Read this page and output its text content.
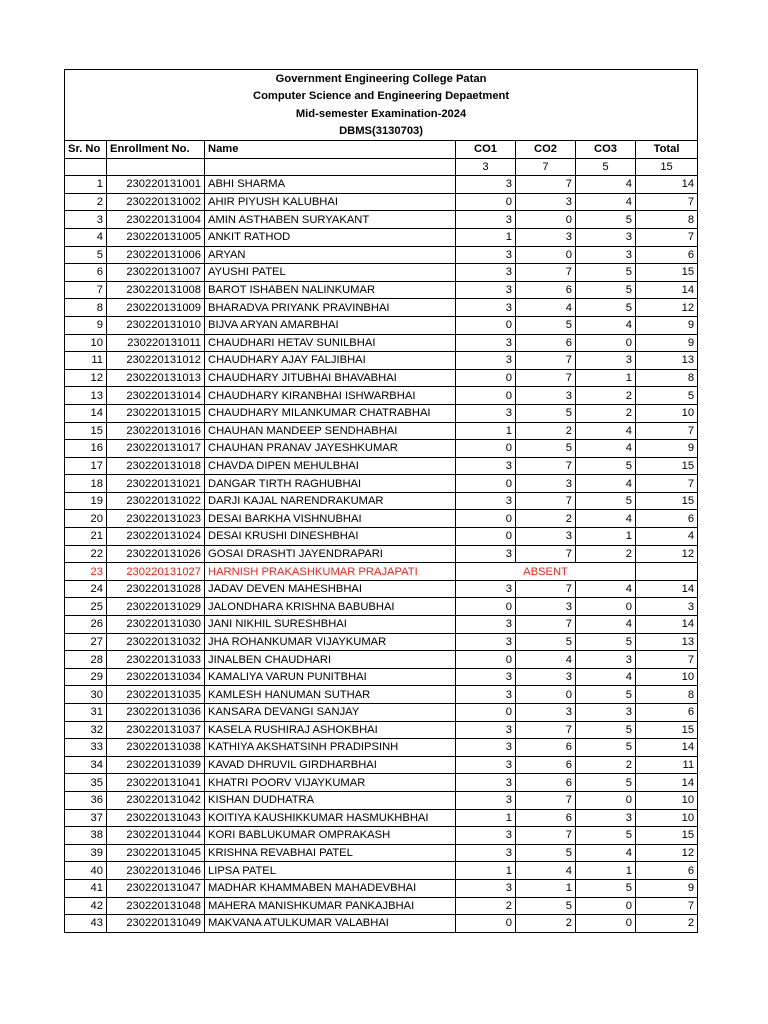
Government Engineering College Patan						
Computer Science and Engineering Depaetment						
Mid-semester Examination-2024						
DBMS(3130703)						
Sr. No	Enrollment No.	Name	CO1	CO2	CO3	Total
			3	7	5	15
1	230220131001	ABHI SHARMA	3	7	4	14
2	230220131002	AHIR PIYUSH KALUBHAI	0	3	4	7
3	230220131004	AMIN ASTHABEN SURYAKANT	3	0	5	8
4	230220131005	ANKIT RATHOD	1	3	3	7
5	230220131006	ARYAN	3	0	3	6
6	230220131007	AYUSHI PATEL	3	7	5	15
7	230220131008	BAROT ISHABEN NALINKUMAR	3	6	5	14
8	230220131009	BHARADVA PRIYANK PRAVINBHAI	3	4	5	12
9	230220131010	BIJVA ARYAN AMARBHAI	0	5	4	9
10	230220131011	CHAUDHARI HETAV SUNILBHAI	3	6	0	9
11	230220131012	CHAUDHARY AJAY FALJIBHAI	3	7	3	13
12	230220131013	CHAUDHARY JITUBHAI BHAVABHAI	0	7	1	8
13	230220131014	CHAUDHARY KIRANBHAI ISHWARBHAI	0	3	2	5
14	230220131015	CHAUDHARY MILANKUMAR CHATRABHAI	3	5	2	10
15	230220131016	CHAUHAN MANDEEP SENDHABHAI	1	2	4	7
16	230220131017	CHAUHAN PRANAV JAYESHKUMAR	0	5	4	9
17	230220131018	CHAVDA DIPEN MEHULBHAI	3	7	5	15
18	230220131021	DANGAR TIRTH RAGHUBHAI	0	3	4	7
19	230220131022	DARJI KAJAL NARENDRAKUMAR	3	7	5	15
20	230220131023	DESAI BARKHA VISHNUBHAI	0	2	4	6
21	230220131024	DESAI KRUSHI DINESHBHAI	0	3	1	4
22	230220131026	GOSAI DRASHTI JAYENDRAPARI	3	7	2	12
23	230220131027	HARNISH PRAKASHKUMAR PRAJAPATI	ABSENT			
24	230220131028	JADAV DEVEN MAHESHBHAI	3	7	4	14
25	230220131029	JALONDHARA KRISHNA BABUBHAI	0	3	0	3
26	230220131030	JANI NIKHIL SURESHBHAI	3	7	4	14
27	230220131032	JHA ROHANKUMAR VIJAYKUMAR	3	5	5	13
28	230220131033	JINALBEN CHAUDHARI	0	4	3	7
29	230220131034	KAMALIYA VARUN PUNITBHAI	3	3	4	10
30	230220131035	KAMLESH HANUMAN SUTHAR	3	0	5	8
31	230220131036	KANSARA DEVANGI SANJAY	0	3	3	6
32	230220131037	KASELA RUSHIRAJ ASHOKBHAI	3	7	5	15
33	230220131038	KATHIYA AKSHATSINH PRADIPSINH	3	6	5	14
34	230220131039	KAVAD DHRUVIL GIRDHARBHAI	3	6	2	11
35	230220131041	KHATRI POORV VIJAYKUMAR	3	6	5	14
36	230220131042	KISHAN DUDHATRA	3	7	0	10
37	230220131043	KOITIYA KAUSHIKKUMAR HASMUKHBHAI	1	6	3	10
38	230220131044	KORI BABLUKUMAR OMPRAKASH	3	7	5	15
39	230220131045	KRISHNA REVABHAI PATEL	3	5	4	12
40	230220131046	LIPSA PATEL	1	4	1	6
41	230220131047	MADHAR KHAMMABEN MAHADEVBHAI	3	1	5	9
42	230220131048	MAHERA MANISHKUMAR PANKAJBHAI	2	5	0	7
43	230220131049	MAKVANA ATULKUMAR VALABHAI	0	2	0	2
